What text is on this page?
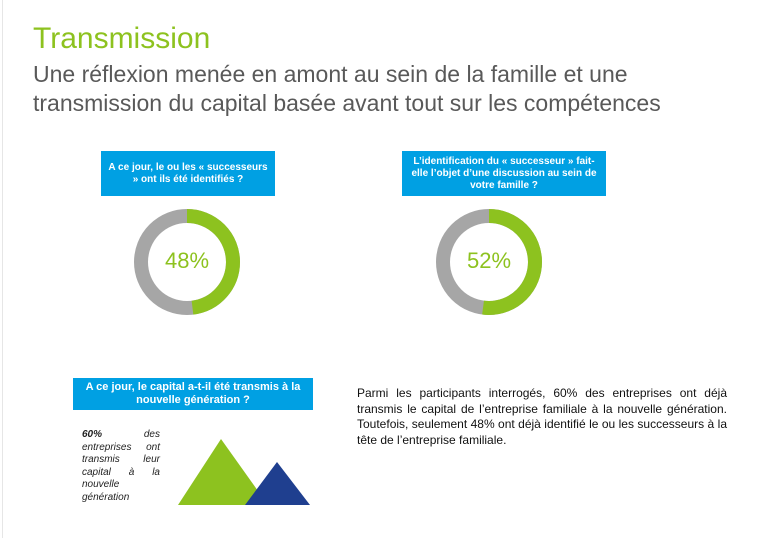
Transmission
Une réflexion menée en amont au sein de la famille et une transmission du capital basée avant tout sur les compétences
A ce jour, le ou les « successeurs » ont ils été identifiés ?
L’identification du « successeur » fait-elle l’objet d’une discussion au sein de votre famille ?
48%	52%
A ce jour, le capital a-t-il été transmis à la nouvelle génération ?
60%	des entreprises ont transmis leur capital à la nouvelle génération
Parmi les participants interrogés, 60% des entreprises ont déjà transmis le capital de l’entreprise familiale à la nouvelle génération. Toutefois, seulement 48% ont déjà identifié le ou les successeurs à la tête de l’entreprise familiale.
